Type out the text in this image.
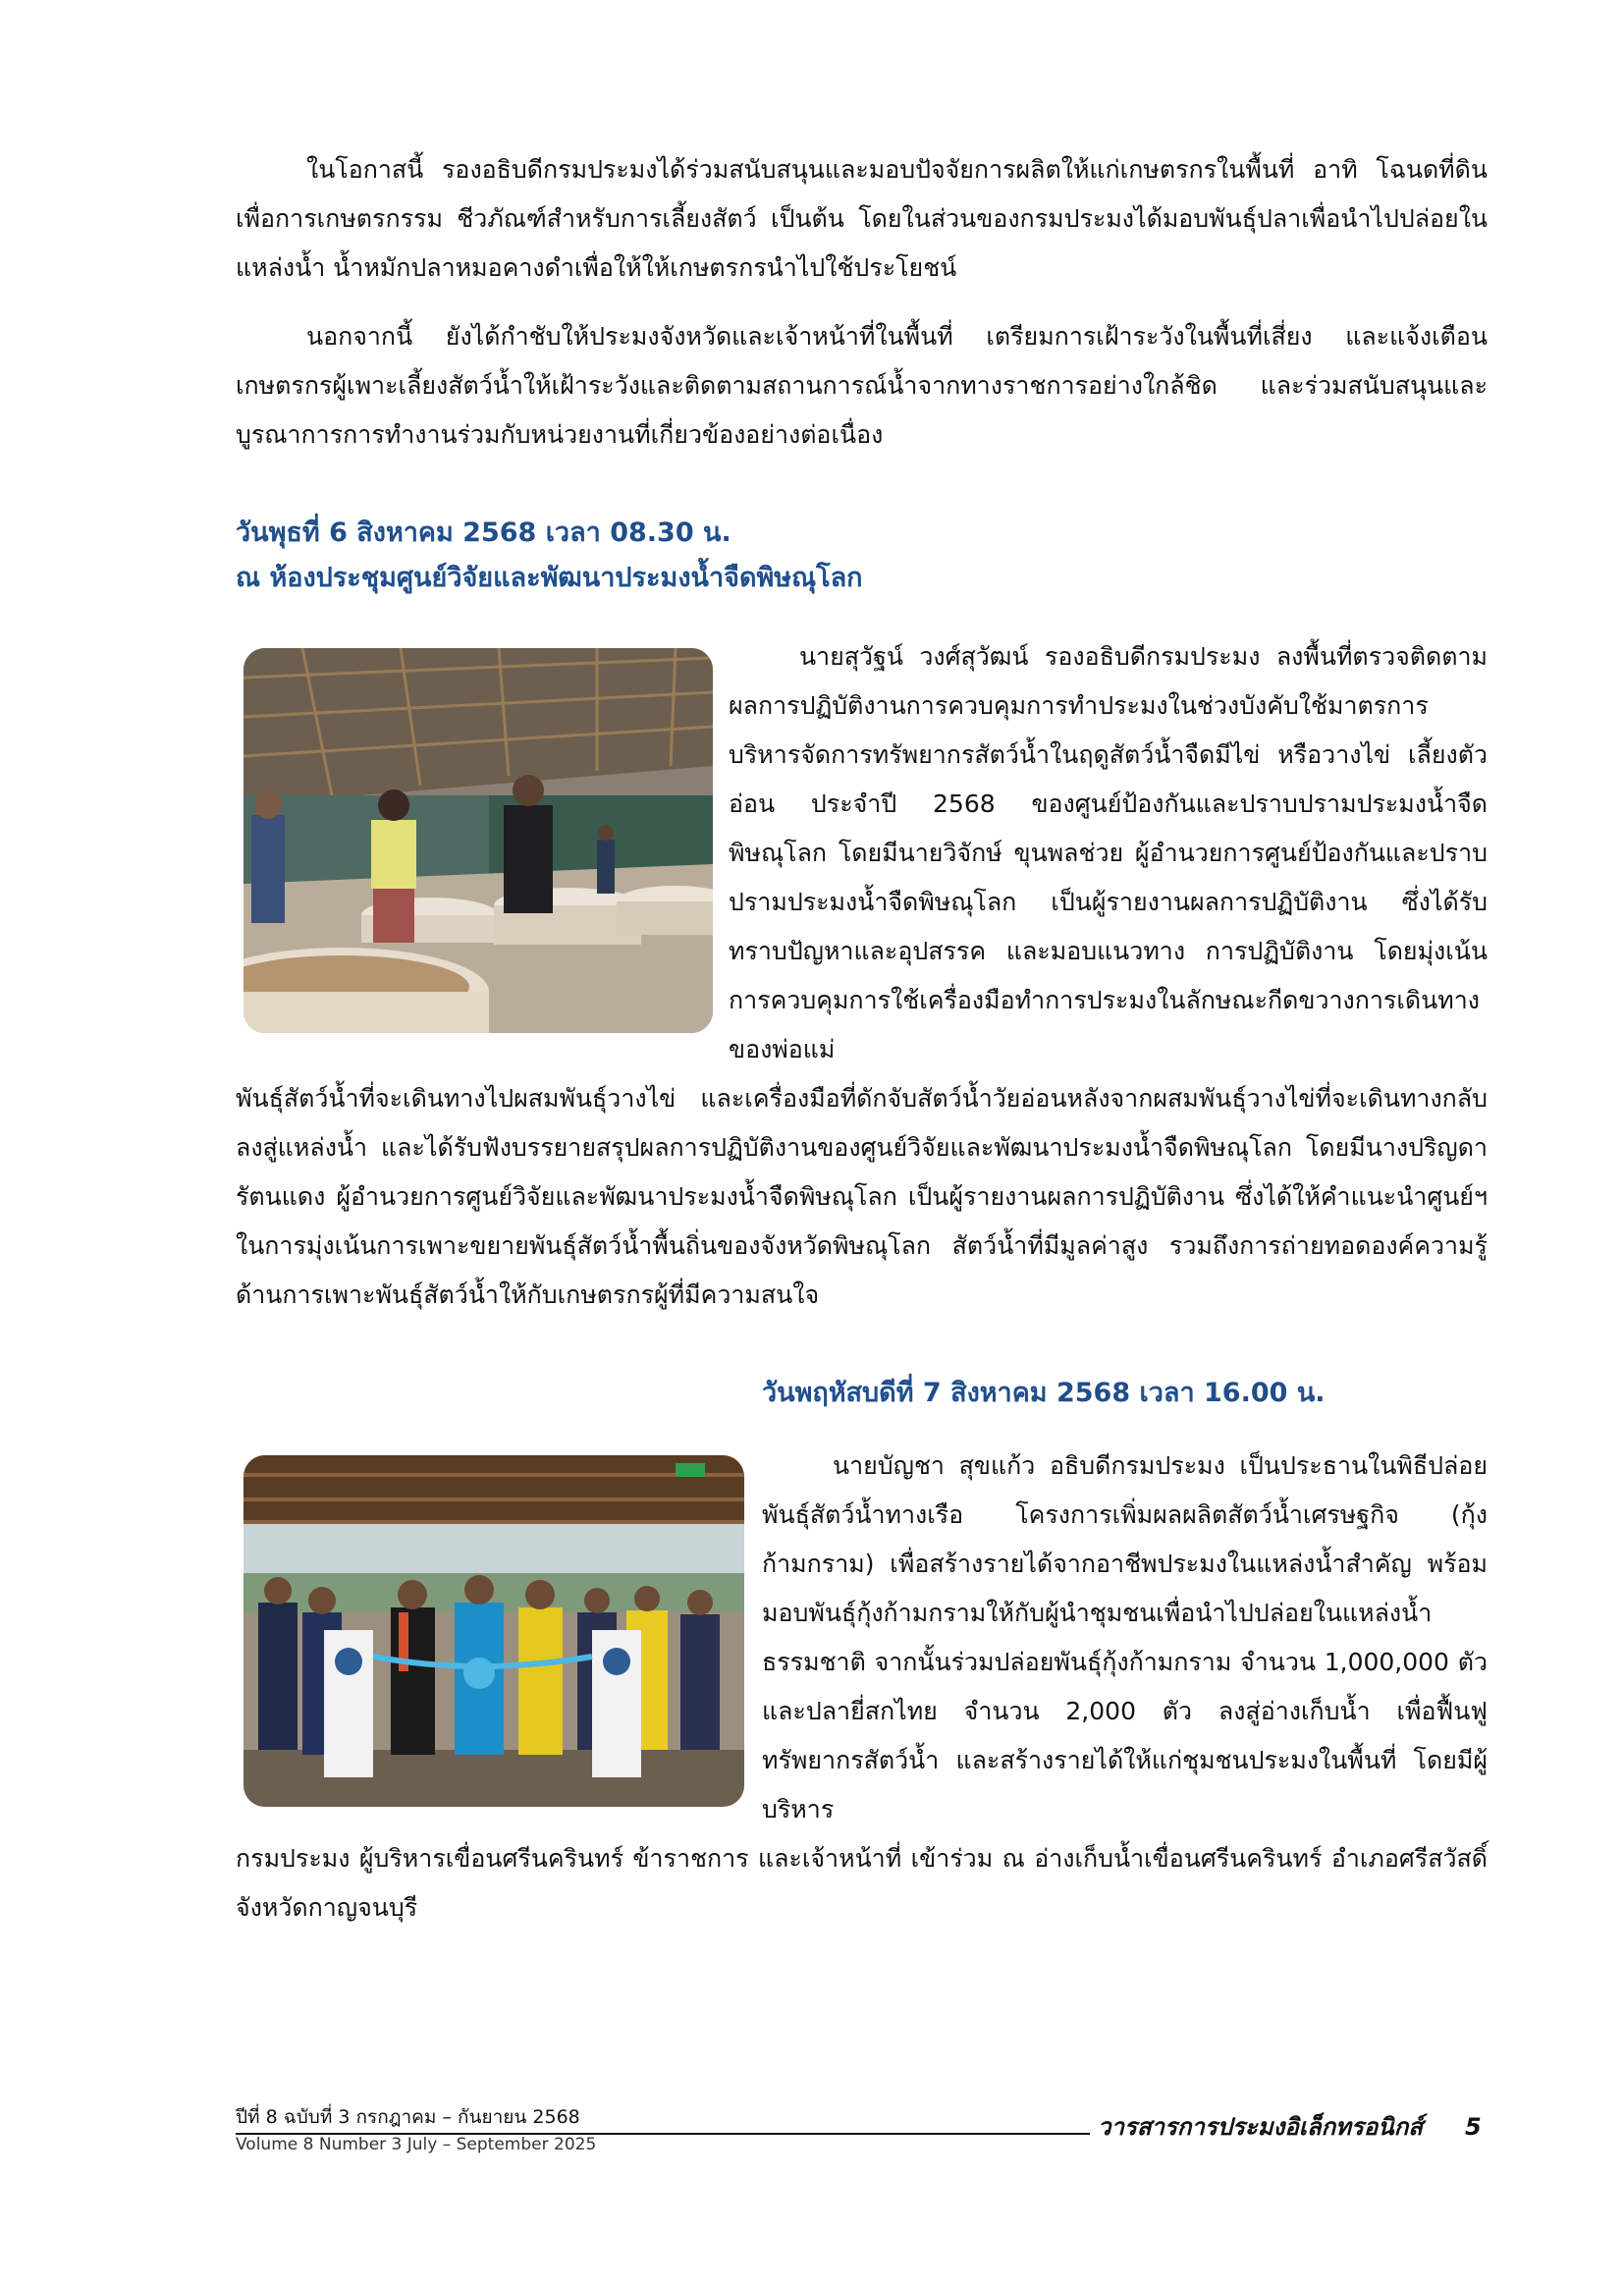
ในโอกาสนี้ รองอธิบดีกรมประมงได้ร่วมสนับสนุนและมอบปัจจัยการผลิตให้แก่เกษตรกรในพื้นที่ อาทิ โฉนดที่ดินเพื่อการเกษตรกรรม ชีวภัณฑ์สำหรับการเลี้ยงสัตว์ เป็นต้น โดยในส่วนของกรมประมงได้มอบพันธุ์ปลาเพื่อนำไปปล่อยในแหล่งน้ำ น้ำหมักปลาหมอคางดำเพื่อให้ให้เกษตรกรนำไปใช้ประโยชน์

นอกจากนี้ ยังได้กำชับให้ประมงจังหวัดและเจ้าหน้าที่ในพื้นที่ เตรียมการเฝ้าระวังในพื้นที่เสี่ยง และแจ้งเตือนเกษตรกรผู้เพาะเลี้ยงสัตว์น้ำให้เฝ้าระวังและติดตามสถานการณ์น้ำจากทางราชการอย่างใกล้ชิด และร่วมสนับสนุนและบูรณาการการทำงานร่วมกับหน่วยงานที่เกี่ยวข้องอย่างต่อเนื่อง

วันพุธที่ 6 สิงหาคม 2568 เวลา 08.30 น.
ณ ห้องประชุมศูนย์วิจัยและพัฒนาประมงน้ำจืดพิษณุโลก

นายสุวัฐน์ วงศ์สุวัฒน์ รองอธิบดีกรมประมง ลงพื้นที่ตรวจติดตามผลการปฏิบัติงานการควบคุมการทำประมงในช่วงบังคับใช้มาตรการบริหารจัดการทรัพยากรสัตว์น้ำในฤดูสัตว์น้ำจืดมีไข่ หรือวางไข่ เลี้ยงตัวอ่อน ประจำปี 2568 ของศูนย์ป้องกันและปราบปรามประมงน้ำจืดพิษณุโลก โดยมีนายวิจักษ์ ขุนพลช่วย ผู้อำนวยการศูนย์ป้องกันและปราบปรามประมงน้ำจืดพิษณุโลก เป็นผู้รายงานผลการปฏิบัติงาน ซึ่งได้รับทราบปัญหาและอุปสรรค และมอบแนวทาง การปฏิบัติงาน โดยมุ่งเน้นการควบคุมการใช้เครื่องมือทำการประมงในลักษณะกีดขวางการเดินทางของพ่อแม่

พันธุ์สัตว์น้ำที่จะเดินทางไปผสมพันธุ์วางไข่ และเครื่องมือที่ดักจับสัตว์น้ำวัยอ่อนหลังจากผสมพันธุ์วางไข่ที่จะเดินทางกลับลงสู่แหล่งน้ำ และได้รับฟังบรรยายสรุปผลการปฏิบัติงานของศูนย์วิจัยและพัฒนาประมงน้ำจืดพิษณุโลก โดยมีนางปริญดา รัตนแดง ผู้อำนวยการศูนย์วิจัยและพัฒนาประมงน้ำจืดพิษณุโลก เป็นผู้รายงานผลการปฏิบัติงาน ซึ่งได้ให้คำแนะนำศูนย์ฯ ในการมุ่งเน้นการเพาะขยายพันธุ์สัตว์น้ำพื้นถิ่นของจังหวัดพิษณุโลก สัตว์น้ำที่มีมูลค่าสูง รวมถึงการถ่ายทอดองค์ความรู้ด้านการเพาะพันธุ์สัตว์น้ำให้กับเกษตรกรผู้ที่มีความสนใจ

วันพฤหัสบดีที่ 7 สิงหาคม 2568 เวลา 16.00 น.

นายบัญชา สุขแก้ว อธิบดีกรมประมง เป็นประธานในพิธีปล่อยพันธุ์สัตว์น้ำทางเรือ โครงการเพิ่มผลผลิตสัตว์น้ำเศรษฐกิจ (กุ้งก้ามกราม) เพื่อสร้างรายได้จากอาชีพประมงในแหล่งน้ำสำคัญ พร้อมมอบพันธุ์กุ้งก้ามกรามให้กับผู้นำชุมชนเพื่อนำไปปล่อยในแหล่งน้ำธรรมชาติ จากนั้นร่วมปล่อยพันธุ์กุ้งก้ามกราม จำนวน 1,000,000 ตัว และปลายี่สกไทย จำนวน 2,000 ตัว ลงสู่อ่างเก็บน้ำ เพื่อฟื้นฟูทรัพยากรสัตว์น้ำ และสร้างรายได้ให้แก่ชุมชนประมงในพื้นที่ โดยมีผู้บริหาร

กรมประมง ผู้บริหารเขื่อนศรีนครินทร์ ข้าราชการ และเจ้าหน้าที่ เข้าร่วม ณ อ่างเก็บน้ำเขื่อนศรีนครินทร์ อำเภอศรีสวัสดิ์ จังหวัดกาญจนบุรี

ปีที่ 8 ฉบับที่ 3 กรกฎาคม – กันยายน 2568
Volume 8 Number 3 July – September 2025
วารสารการประมงอิเล็กทรอนิกส์ 5
